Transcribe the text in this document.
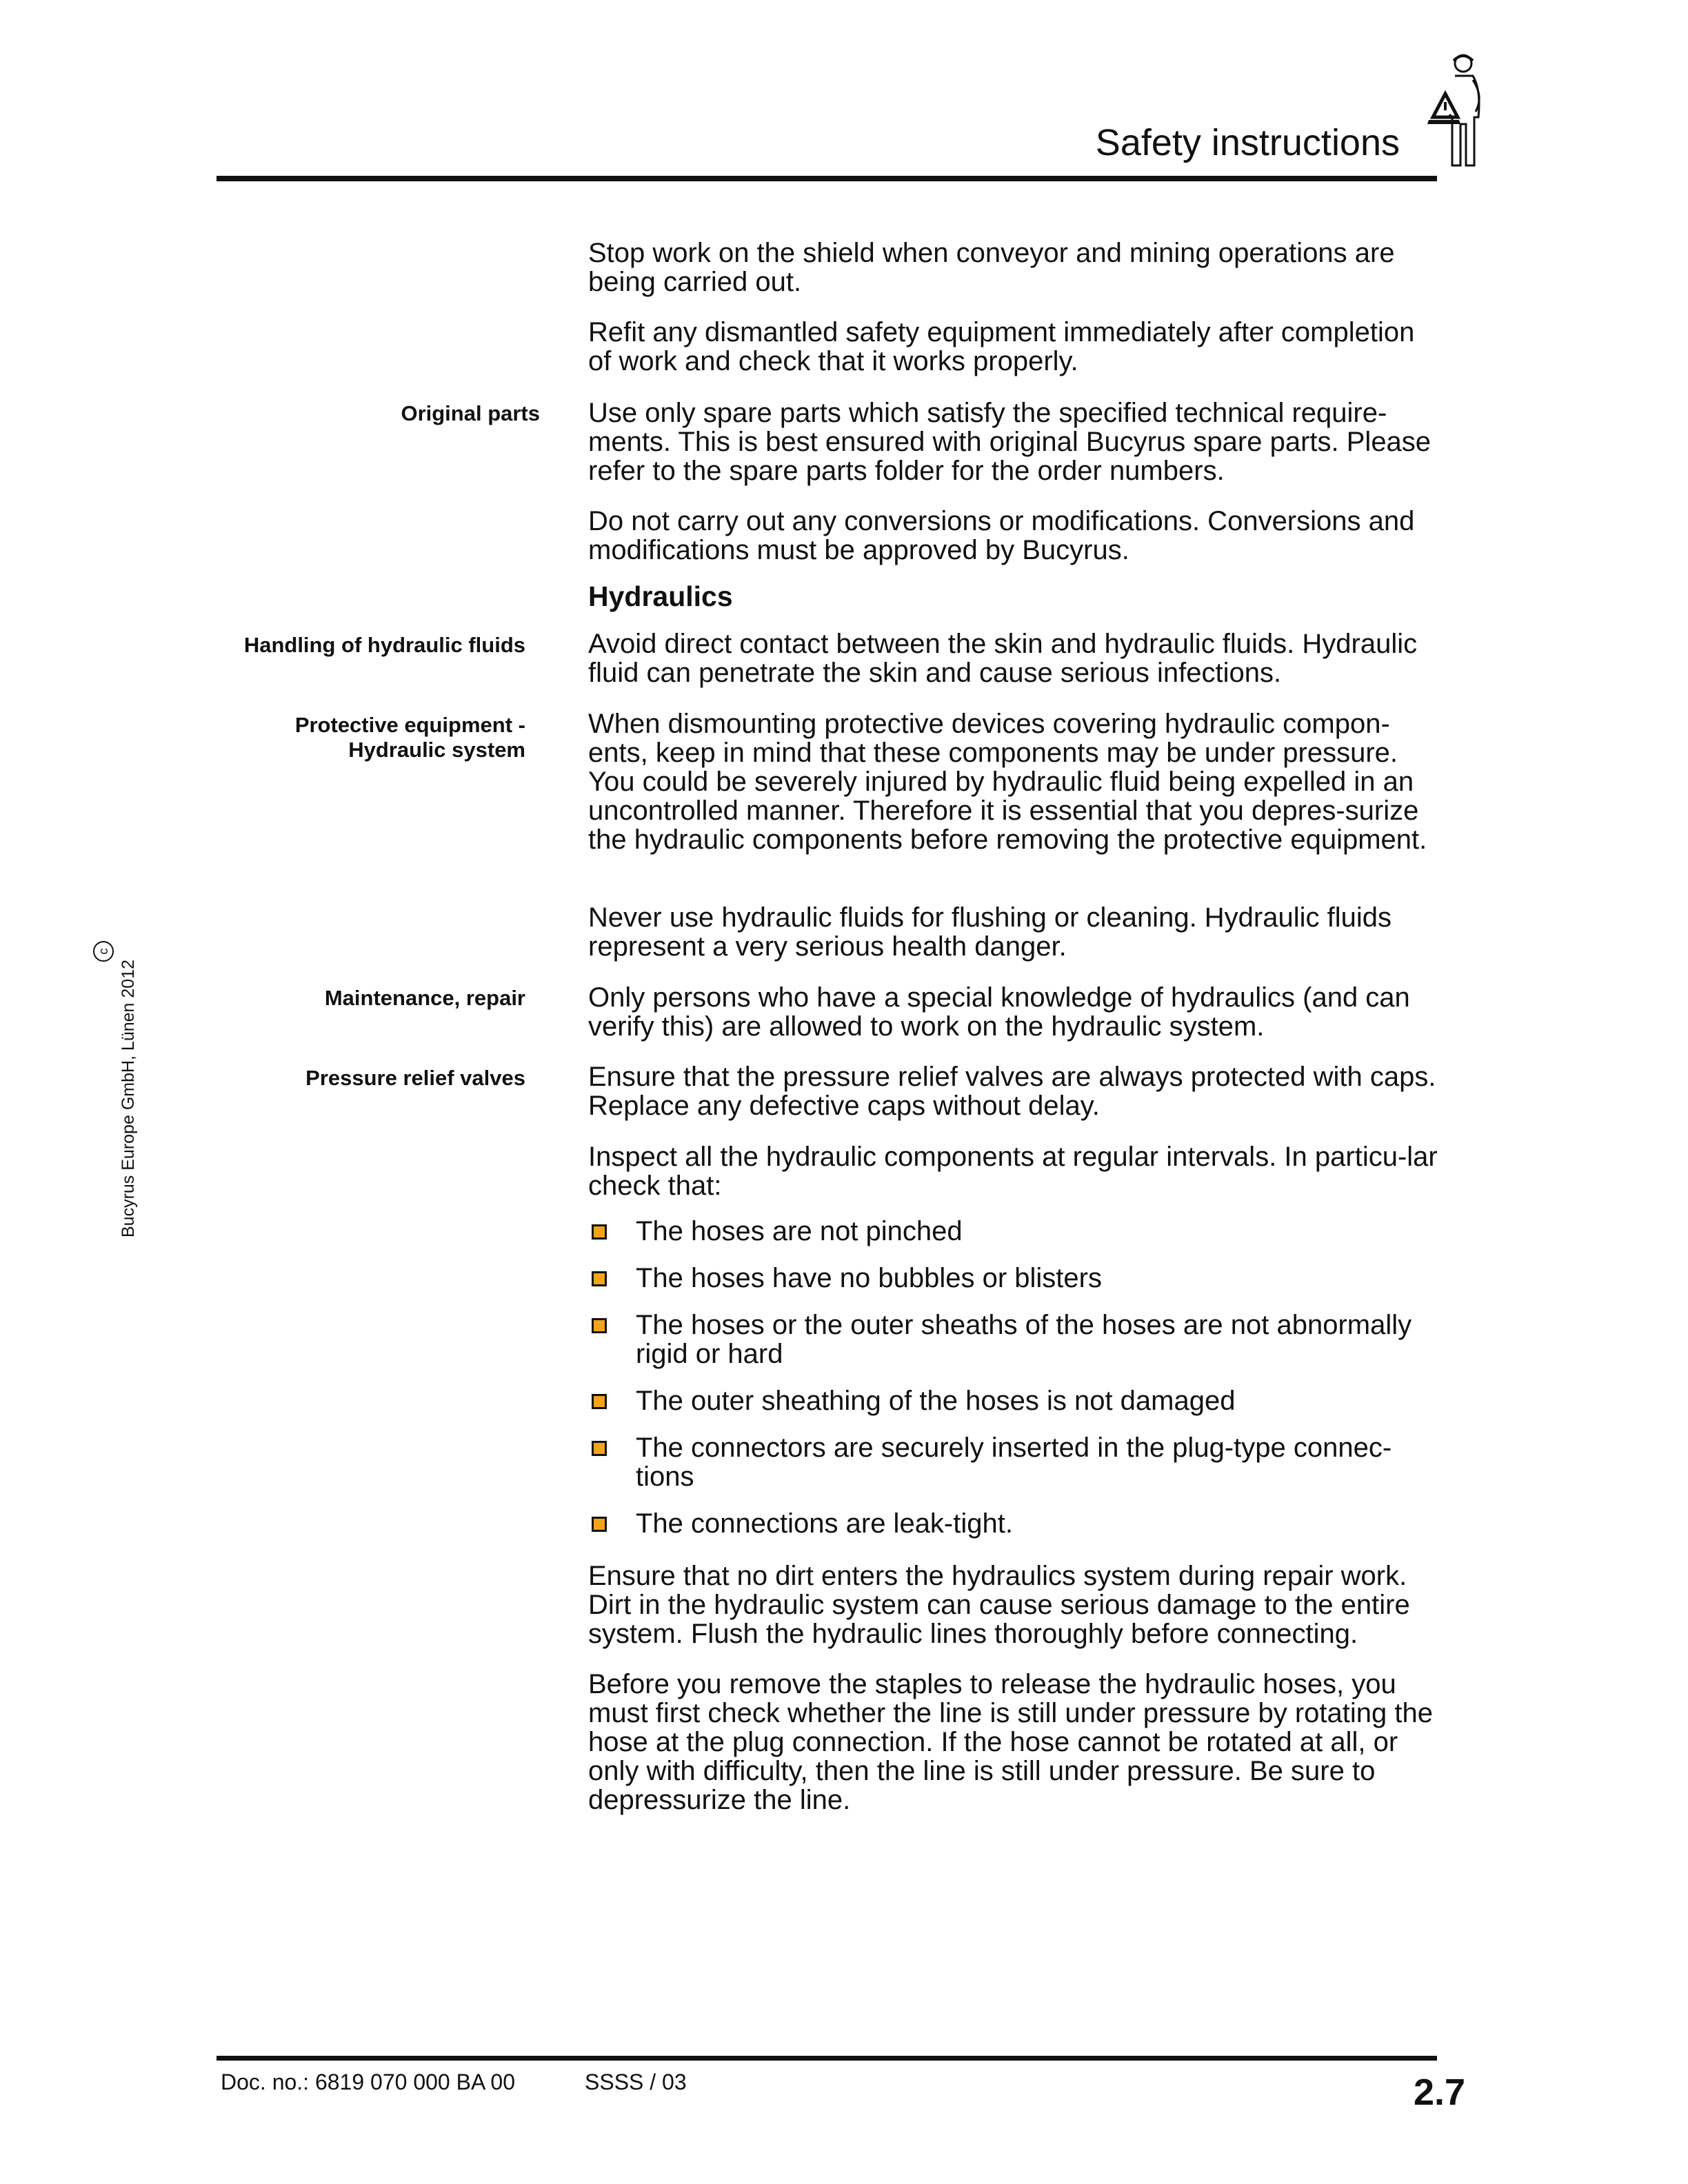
Safety instructions
c
Bucyrus Europe GmbH, Lünen 2012
Original parts
Handling of hydraulic fluids
Protective equipment -
Hydraulic system
Maintenance, repair
Pressure relief valves
Stop work on the shield when conveyor and mining operations are being carried out.
Refit any dismantled safety equipment immediately after completion of work and check that it works properly.
Use only spare parts which satisfy the specified technical require-ments. This is best ensured with original Bucyrus spare parts. Please refer to the spare parts folder for the order numbers.
Do not carry out any conversions or modifications. Conversions and modifications must be approved by Bucyrus.
Hydraulics
Avoid direct contact between the skin and hydraulic fluids. Hydraulic fluid can penetrate the skin and cause serious infections.
When dismounting protective devices covering hydraulic compon-ents, keep in mind that these components may be under pressure. You could be severely injured by hydraulic fluid being expelled in an uncontrolled manner. Therefore it is essential that you depres-surize the hydraulic components before removing the protective equipment.
Never use hydraulic fluids for flushing or cleaning. Hydraulic fluids represent a very serious health danger.
Only persons who have a special knowledge of hydraulics (and can verify this) are allowed to work on the hydraulic system.
Ensure that the pressure relief valves are always protected with caps. Replace any defective caps without delay.
Inspect all the hydraulic components at regular intervals. In particu-lar check that:
The hoses are not pinched
The hoses have no bubbles or blisters
The hoses or the outer sheaths of the hoses are not abnormally rigid or hard
The outer sheathing of the hoses is not damaged
The connectors are securely inserted in the plug-type connec-tions
The connections are leak-tight.
Ensure that no dirt enters the hydraulics system during repair work. Dirt in the hydraulic system can cause serious damage to the entire system. Flush the hydraulic lines thoroughly before connecting.
Before you remove the staples to release the hydraulic hoses, you must first check whether the line is still under pressure by rotating the hose at the plug connection. If the hose cannot be rotated at all, or only with difficulty, then the line is still under pressure. Be sure to depressurize the line.
Doc. no.: 6819 070 000 BA 00	SSSS / 03	2.7
